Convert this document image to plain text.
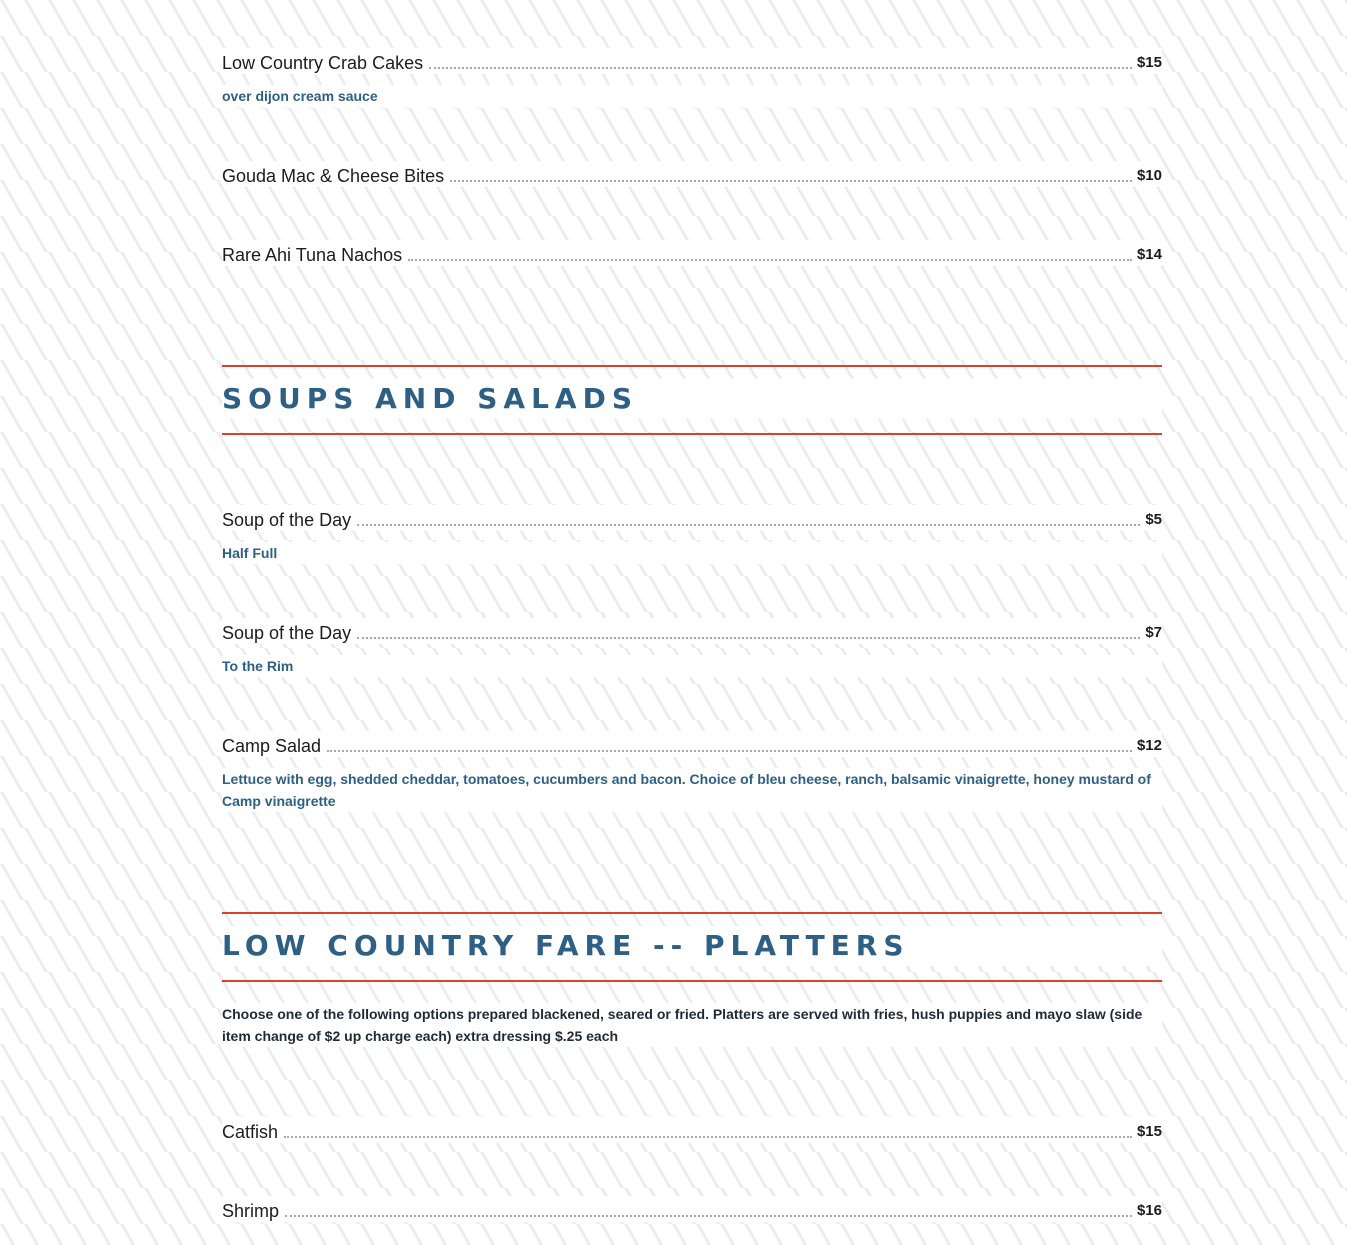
Low Country Crab Cakes	$15
over dijon cream sauce
Gouda Mac & Cheese Bites	$10
Rare Ahi Tuna Nachos	$14
SOUPS AND SALADS
Soup of the Day	$5
Half Full
Soup of the Day	$7
To the Rim
Camp Salad	$12
Lettuce with egg, shedded cheddar, tomatoes, cucumbers and bacon. Choice of bleu cheese, ranch, balsamic vinaigrette, honey mustard of Camp vinaigrette
LOW COUNTRY FARE -- PLATTERS
Choose one of the following options prepared blackened, seared or fried. Platters are served with fries, hush puppies and mayo slaw (side item change of $2 up charge each) extra dressing $.25 each
Catfish	$15
Shrimp	$16
